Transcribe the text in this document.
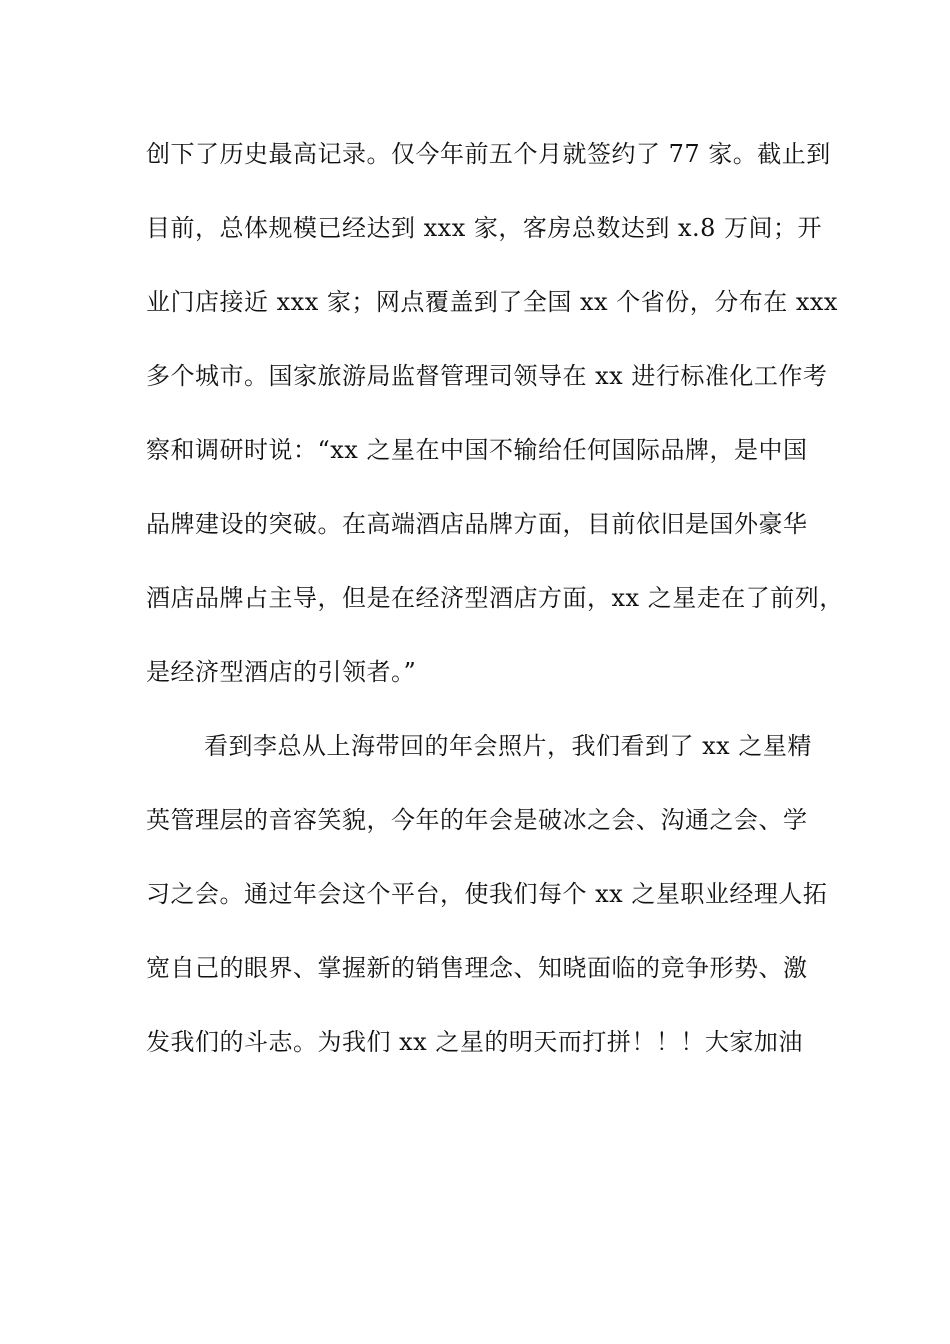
创下了历史最高记录。仅今年前五个月就签约了 77 家。截止到
目前，总体规模已经达到 xxx 家，客房总数达到 x.8 万间；开
业门店接近 xxx 家；网点覆盖到了全国 xx 个省份，分布在 xxx
多个城市。国家旅游局监督管理司领导在 xx 进行标准化工作考
察和调研时说：“xx 之星在中国不输给任何国际品牌，是中国
品牌建设的突破。在高端酒店品牌方面，目前依旧是国外豪华
酒店品牌占主导，但是在经济型酒店方面，xx 之星走在了前列，
是经济型酒店的引领者。”
看到李总从上海带回的年会照片，我们看到了 xx 之星精
英管理层的音容笑貌，今年的年会是破冰之会、沟通之会、学
习之会。通过年会这个平台，使我们每个 xx 之星职业经理人拓
宽自己的眼界、掌握新的销售理念、知晓面临的竞争形势、激
发我们的斗志。为我们 xx 之星的明天而打拼！！！大家加油
